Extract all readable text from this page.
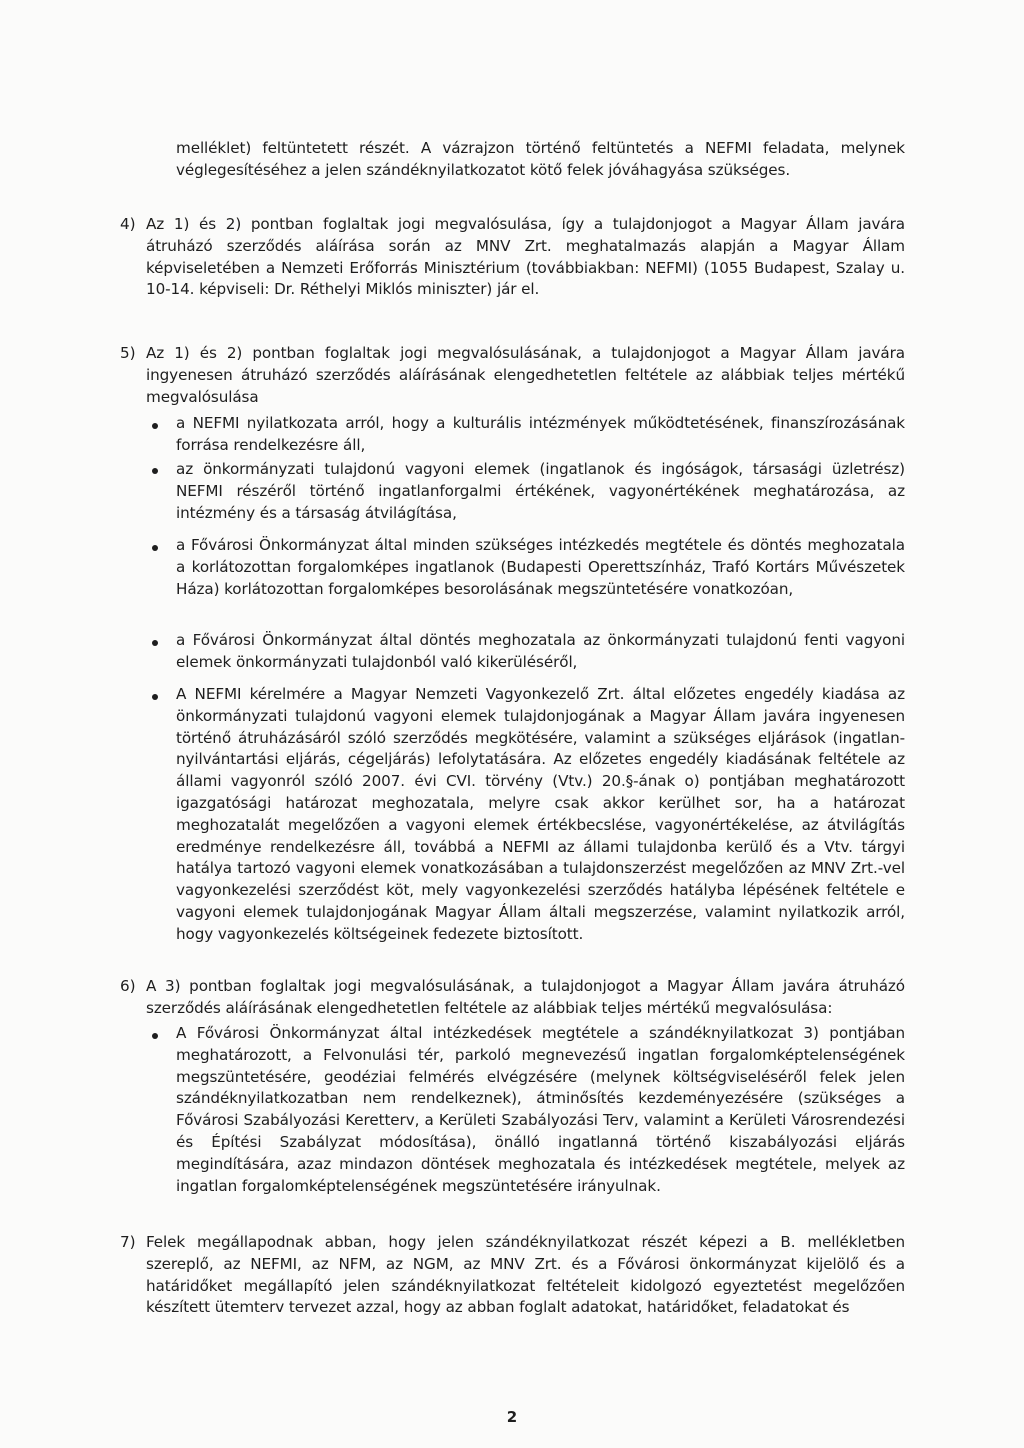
melléklet) feltüntetett részét. A vázrajzon történő feltüntetés a NEFMI feladata, melynek véglegesítéséhez a jelen szándéknyilatkozatot kötő felek jóváhagyása szükséges.

4) Az 1) és 2) pontban foglaltak jogi megvalósulása, így a tulajdonjogot a Magyar Állam javára átruházó szerződés aláírása során az MNV Zrt. meghatalmazás alapján a Magyar Állam képviseletében a Nemzeti Erőforrás Minisztérium (továbbiakban: NEFMI) (1055 Budapest, Szalay u. 10-14. képviseli: Dr. Réthelyi Miklós miniszter) jár el.

5) Az 1) és 2) pontban foglaltak jogi megvalósulásának, a tulajdonjogot a Magyar Állam javára ingyenesen átruházó szerződés aláírásának elengedhetetlen feltétele az alábbiak teljes mértékű megvalósulása

a NEFMI nyilatkozata arról, hogy a kulturális intézmények működtetésének, finanszírozásának forrása rendelkezésre áll,

az önkormányzati tulajdonú vagyoni elemek (ingatlanok és ingóságok, társasági üzletrész) NEFMI részéről történő ingatlanforgalmi értékének, vagyonértékének meghatározása, az intézmény és a társaság átvilágítása,

a Fővárosi Önkormányzat által minden szükséges intézkedés megtétele és döntés meghozatala a korlátozottan forgalomképes ingatlanok (Budapesti Operettszínház, Trafó Kortárs Művészetek Háza) korlátozottan forgalomképes besorolásának megszüntetésére vonatkozóan,

a Fővárosi Önkormányzat által döntés meghozatala az önkormányzati tulajdonú fenti vagyoni elemek önkormányzati tulajdonból való kikerüléséről,

A NEFMI kérelmére a Magyar Nemzeti Vagyonkezelő Zrt. által előzetes engedély kiadása az önkormányzati tulajdonú vagyoni elemek tulajdonjogának a Magyar Állam javára ingyenesen történő átruházásáról szóló szerződés megkötésére, valamint a szükséges eljárások (ingatlan-nyilvántartási eljárás, cégeljárás) lefolytatására. Az előzetes engedély kiadásának feltétele az állami vagyonról szóló 2007. évi CVI. törvény (Vtv.) 20.§-ának o) pontjában meghatározott igazgatósági határozat meghozatala, melyre csak akkor kerülhet sor, ha a határozat meghozatalát megelőzően a vagyoni elemek értékbecslése, vagyonértékelése, az átvilágítás eredménye rendelkezésre áll, továbbá a NEFMI az állami tulajdonba kerülő és a Vtv. tárgyi hatálya tartozó vagyoni elemek vonatkozásában a tulajdonszerzést megelőzően az MNV Zrt.-vel vagyonkezelési szerződést köt, mely vagyonkezelési szerződés hatályba lépésének feltétele e vagyoni elemek tulajdonjogának Magyar Állam általi megszerzése, valamint nyilatkozik arról, hogy vagyonkezelés költségeinek fedezete biztosított.

6) A 3) pontban foglaltak jogi megvalósulásának, a tulajdonjogot a Magyar Állam javára átruházó szerződés aláírásának elengedhetetlen feltétele az alábbiak teljes mértékű megvalósulása:

A Fővárosi Önkormányzat által intézkedések megtétele a szándéknyilatkozat 3) pontjában meghatározott, a Felvonulási tér, parkoló megnevezésű ingatlan forgalomképtelenségének megszüntetésére, geodéziai felmérés elvégzésére (melynek költségviseléséről felek jelen szándéknyilatkozatban nem rendelkeznek), átminősítés kezdeményezésére (szükséges a Fővárosi Szabályozási Keretterv, a Kerületi Szabályozási Terv, valamint a Kerületi Városrendezési és Építési Szabályzat módosítása), önálló ingatlanná történő kiszabályozási eljárás megindítására, azaz mindazon döntések meghozatala és intézkedések megtétele, melyek az ingatlan forgalomképtelenségének megszüntetésére irányulnak.

7) Felek megállapodnak abban, hogy jelen szándéknyilatkozat részét képezi a B. mellékletben szereplő, az NEFMI, az NFM, az NGM, az MNV Zrt. és a Fővárosi önkormányzat kijelölő és a határidőket megállapító jelen szándéknyilatkozat feltételeit kidolgozó egyeztetést megelőzően készített ütemterv tervezet azzal, hogy az abban foglalt adatokat, határidőket, feladatokat és

2
